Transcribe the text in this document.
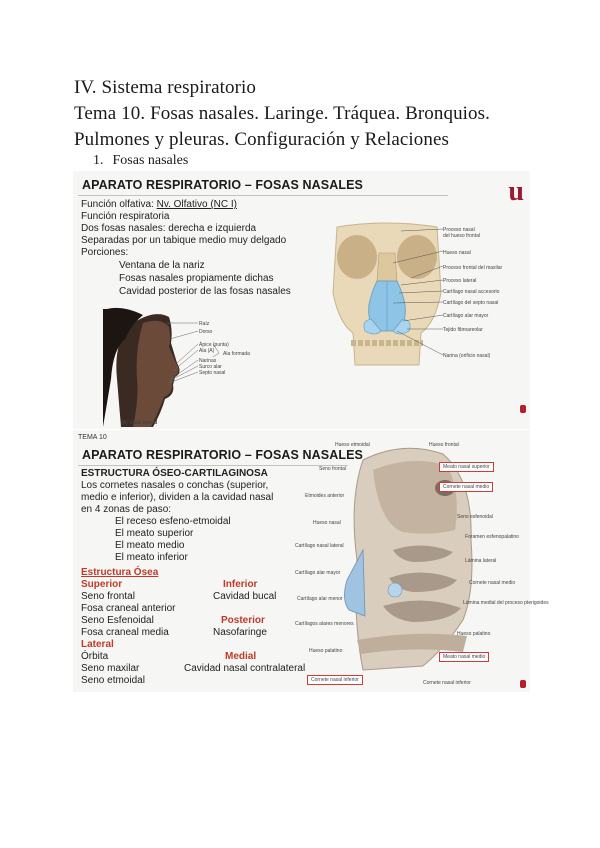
IV. Sistema respiratorio
Tema 10. Fosas nasales. Laringe. Tráquea. Bronquios.
Pulmones y pleuras. Configuración y Relaciones
1. Fosas nasales
APARATO RESPIRATORIO – FOSAS NASALES	u
Función olfativa: Nv. Olfativo (NC I)
Función respiratoria
Dos fosas nasales: derecha e izquierda
Separadas por un tabique medio muy delgado
Porciones:
Ventana de la nariz
Fosas nasales propiamente dichas
Cavidad posterior de las fosas nasales
Raíz
Dorso
Ápice (punta)
Ala (A)
Narinas
Surco alar
Septo nasal
Ala formada
(A) Vista lateral
Proceso nasal
del hueso frontal
Hueso nasal
Proceso frontal del maxilar
Proceso lateral
Cartílago nasal accesorio
Cartílago del septo nasal
Cartílago alar mayor
Tejido fibroareolar
Narina (orificio nasal)
TEMA 10
APARATO RESPIRATORIO – FOSAS NASALES
ESTRUCTURA ÓSEO-CARTILAGINOSA
Los cornetes nasales o conchas (superior,
medio e inferior), dividen a la cavidad nasal
en 4 zonas de paso:
El receso esfeno-etmoidal
El meato superior
El meato medio
El meato inferior
Estructura Ósea
Superior
Seno frontal
Fosa craneal anterior
Seno Esfenoidal
Fosa craneal media
Lateral
Órbita
Seno maxilar
Seno etmoidal
Inferior
Cavidad bucal
Posterior
Nasofaringe
Medial
Cavidad nasal contralateral
Hueso etmoidal
Seno frontal
Etmoides anterior
Hueso nasal
Cartílago nasal lateral
Cartílago alar mayor
Cartílago alar menor
Cartílagos alares menores
Hueso palatino
Hueso frontal
Seno esfenoidal
Foramen esfenopalatino
Lámina lateral
Cornete nasal medio
Lámina medial del proceso pterigoides
Hueso palatino
Meato nasal superior
Cornete nasal medio
Meato nasal medio
Cornete nasal inferior	Cornete nasal inferior
